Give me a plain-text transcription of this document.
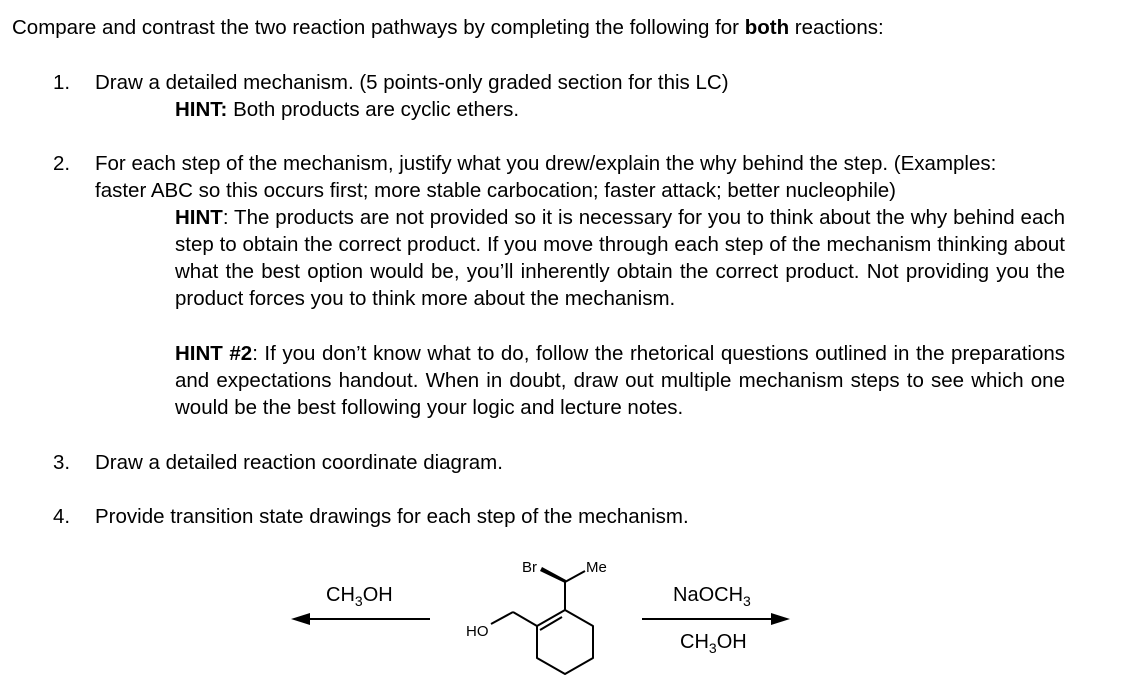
Compare and contrast the two reaction pathways by completing the following for both reactions:
1. Draw a detailed mechanism. (5 points-only graded section for this LC)
HINT: Both products are cyclic ethers.
2. For each step of the mechanism, justify what you drew/explain the why behind the step. (Examples:
faster ABC so this occurs first; more stable carbocation; faster attack; better nucleophile)
HINT: The products are not provided so it is necessary for you to think about the why behind each step to obtain the correct product. If you move through each step of the mechanism thinking about what the best option would be, you’ll inherently obtain the correct product. Not providing you the product forces you to think more about the mechanism.
HINT #2: If you don’t know what to do, follow the rhetorical questions outlined in the preparations and expectations handout. When in doubt, draw out multiple mechanism steps to see which one would be the best following your logic and lecture notes.
3. Draw a detailed reaction coordinate diagram.
4. Provide transition state drawings for each step of the mechanism.
$CH_3OH$	NaOCH$_3$
$CH_3OH$
Br	Me
HO
